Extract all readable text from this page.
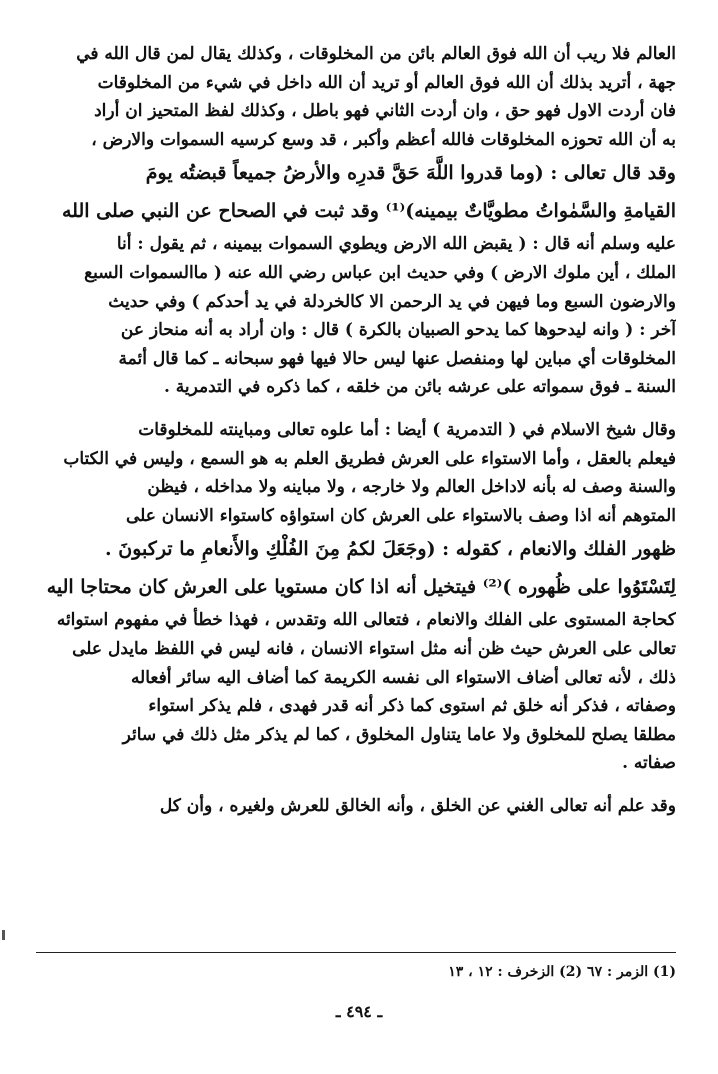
العالم فلا ريب أن الله فوق العالم بائن من المخلوقات ، وكذلك يقال لمن قال الله في
جهة ، أتريد بذلك أن الله فوق العالم أو تريد أن الله داخل في شيء من المخلوقات
فان أردت الاول فهو حق ، وان أردت الثاني فهو باطل ، وكذلك لفظ المتحيز ان أراد
به أن الله تحوزه المخلوقات فالله أعظم وأكبر ، قد وسع كرسيه السموات والارض ،
وقد قال تعالى : (وما قدروا اللَّهَ حَقَّ قدرِه والأرضُ جميعاً قبضتُه يومَ
القيامةِ والسَّمٰواتُ مطويَّاتٌ بيمينه)⁽¹⁾ وقد ثبت في الصحاح عن النبي صلى الله
عليه وسلم أنه قال : ( يقبض الله الارض ويطوي السموات بيمينه ، ثم يقول : أنا
الملك ، أين ملوك الارض ) وفي حديث ابن عباس رضي الله عنه ( ماالسموات السبع
والارضون السبع وما فيهن في يد الرحمن الا كالخردلة في يد أحدكم ) وفي حديث
آخر : ( وانه ليدحوها كما يدحو الصبيان بالكرة ) قال : وان أراد به أنه منحاز عن
المخلوقات أي مباين لها ومنفصل عنها ليس حالا فيها فهو سبحانه ـ كما قال أئمة
السنة ـ فوق سمواته على عرشه بائن من خلقه ، كما ذكره في التدمرية .
وقال شيخ الاسلام في ( التدمرية ) أيضا : أما علوه تعالى ومباينته للمخلوقات
فيعلم بالعقل ، وأما الاستواء على العرش فطريق العلم به هو السمع ، وليس في الكتاب
والسنة وصف له بأنه لاداخل العالم ولا خارجه ، ولا مباينه ولا مداخله ، فيظن
المتوهم أنه اذا وصف بالاستواء على العرش كان استواؤه كاستواء الانسان على
ظهور الفلك والانعام ، كقوله : (وجَعَلَ لكمُ مِنَ الفُلْكِ والأَنعامِ ما تركبونَ .
لِتَسْتَوُوا على ظُهوره )⁽²⁾ فيتخيل أنه اذا كان مستويا على العرش كان محتاجا اليه
كحاجة المستوى على الفلك والانعام ، فتعالى الله وتقدس ، فهذا خطأ في مفهوم استوائه
تعالى على العرش حيث ظن أنه مثل استواء الانسان ، فانه ليس في اللفظ مايدل على
ذلك ، لأنه تعالى أضاف الاستواء الى نفسه الكريمة كما أضاف اليه سائر أفعاله
وصفاته ، فذكر أنه خلق ثم استوى كما ذكر أنه قدر فهدى ، فلم يذكر استواء
مطلقا يصلح للمخلوق ولا عاما يتناول المخلوق ، كما لم يذكر مثل ذلك في سائر
صفاته .
وقد علم أنه تعالى الغني عن الخلق ، وأنه الخالق للعرش ولغيره ، وأن كل
(1) الزمر : ٦٧ (2) الزخرف : ١٢ ، ١٣
ـ ٤٩٤ ـ
